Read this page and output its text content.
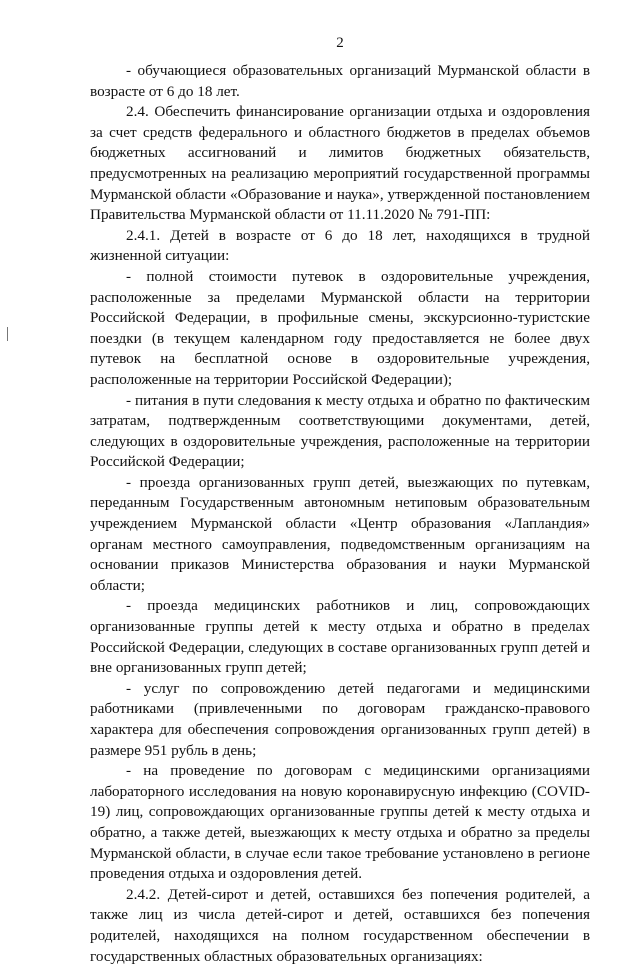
2

- обучающиеся образовательных организаций Мурманской области в возрасте от 6 до 18 лет.

2.4. Обеспечить финансирование организации отдыха и оздоровления за счет средств федерального и областного бюджетов в пределах объемов бюджетных ассигнований и лимитов бюджетных обязательств, предусмотренных на реализацию мероприятий государственной программы Мурманской области «Образование и наука», утвержденной постановлением Правительства Мурманской области от 11.11.2020 № 791-ПП:

2.4.1. Детей в возрасте от 6 до 18 лет, находящихся в трудной жизненной ситуации:

- полной стоимости путевок в оздоровительные учреждения, расположенные за пределами Мурманской области на территории Российской Федерации, в профильные смены, экскурсионно-туристские поездки (в текущем календарном году предоставляется не более двух путевок на бесплатной основе в оздоровительные учреждения, расположенные на территории Российской Федерации);

- питания в пути следования к месту отдыха и обратно по фактическим затратам, подтвержденным соответствующими документами, детей, следующих в оздоровительные учреждения, расположенные на территории Российской Федерации;

- проезда организованных групп детей, выезжающих по путевкам, переданным Государственным автономным нетиповым образовательным учреждением Мурманской области «Центр образования «Лапландия» органам местного самоуправления, подведомственным организациям на основании приказов Министерства образования и науки Мурманской области;

- проезда медицинских работников и лиц, сопровождающих организованные группы детей к месту отдыха и обратно в пределах Российской Федерации, следующих в составе организованных групп детей и вне организованных групп детей;

- услуг по сопровождению детей педагогами и медицинскими работниками (привлеченными по договорам гражданско-правового характера для обеспечения сопровождения организованных групп детей) в размере 951 рубль в день;

- на проведение по договорам с медицинскими организациями лабораторного исследования на новую коронавирусную инфекцию (COVID-19) лиц, сопровождающих организованные группы детей к месту отдыха и обратно, а также детей, выезжающих к месту отдыха и обратно за пределы Мурманской области, в случае если такое требование установлено в регионе проведения отдыха и оздоровления детей.

2.4.2. Детей-сирот и детей, оставшихся без попечения родителей, а также лиц из числа детей-сирот и детей, оставшихся без попечения родителей, находящихся на полном государственном обеспечении в государственных областных образовательных организациях:
